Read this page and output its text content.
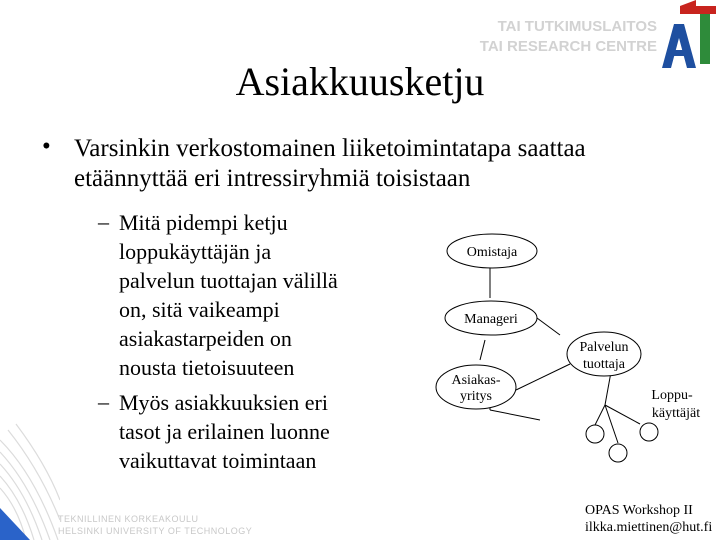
TAI TUTKIMUSLAITOS
TAI RESEARCH CENTRE
Asiakkuusketju
• Varsinkin verkostomainen liiketoimintatapa saattaa
etäännyttää eri intressiryhmiä toisistaan
– Mitä pidempi ketju
loppukäyttäjän ja
palvelun tuottajan välillä
on, sitä vaikeampi
asiakastarpeiden on
nousta tietoisuuteen
– Myös asiakkuuksien eri
tasot ja erilainen luonne
vaikuttavat toimintaan
Omistaja
Manageri
Asiakas-
yritys
Palvelun
tuottaja
Loppu-
käyttäjät
TEKNILLINEN KORKEAKOULU
HELSINKI UNIVERSITY OF TECHNOLOGY
OPAS Workshop II
ilkka.miettinen@hut.fi
